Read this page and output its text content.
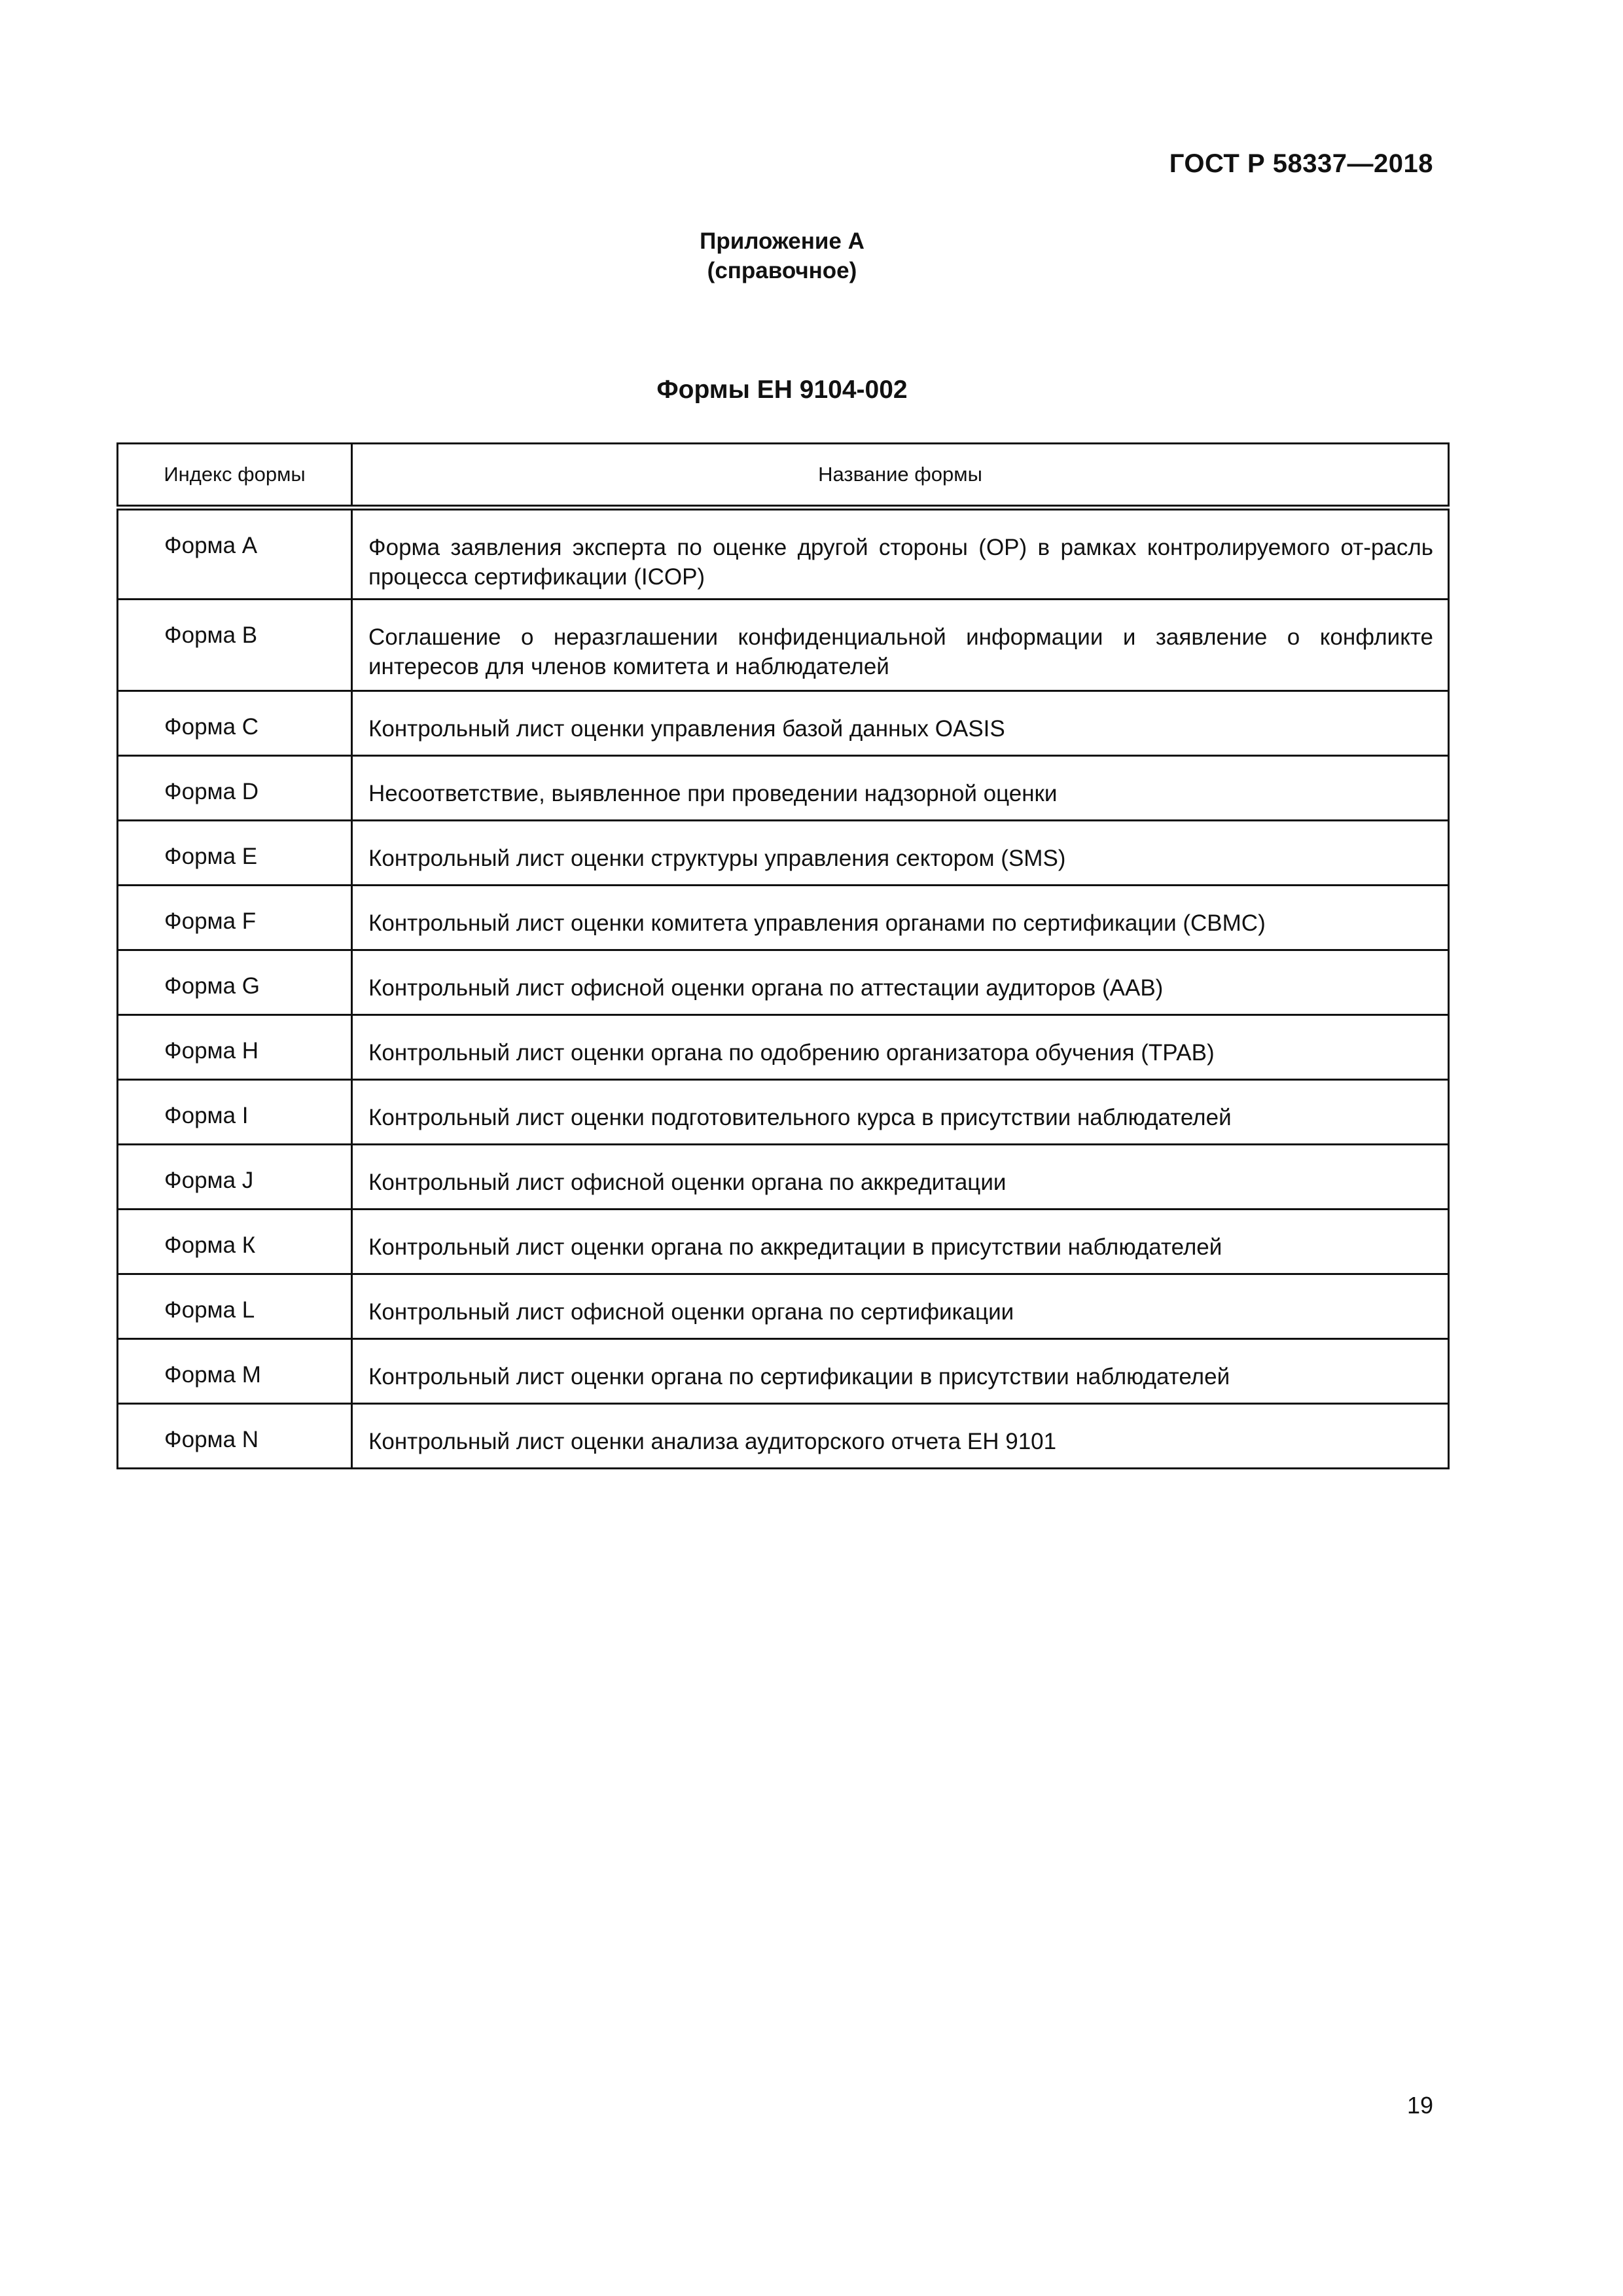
ГОСТ Р 58337—2018
Приложение А
(справочное)
Формы ЕН 9104-002
Индекс формы	Название формы
Форма А	Форма заявления эксперта по оценке другой стороны (ОР) в рамках контролируемого от-расль процесса сертификации (ICOP)
Форма В	Соглашение о неразглашении конфиденциальной информации и заявление о конфликте интересов для членов комитета и наблюдателей
Форма С	Контрольный лист оценки управления базой данных OASIS
Форма D	Несоответствие, выявленное при проведении надзорной оценки
Форма Е	Контрольный лист оценки структуры управления сектором (SMS)
Форма F	Контрольный лист оценки комитета управления органами по сертификации (СВМС)
Форма G	Контрольный лист офисной оценки органа по аттестации аудиторов (ААВ)
Форма Н	Контрольный лист оценки органа по одобрению организатора обучения (ТРАВ)
Форма I	Контрольный лист оценки подготовительного курса в присутствии наблюдателей
Форма J	Контрольный лист офисной оценки органа по аккредитации
Форма К	Контрольный лист оценки органа по аккредитации в присутствии наблюдателей
Форма L	Контрольный лист офисной оценки органа по сертификации
Форма М	Контрольный лист оценки органа по сертификации в присутствии наблюдателей
Форма N	Контрольный лист оценки анализа аудиторского отчета ЕН 9101
19
